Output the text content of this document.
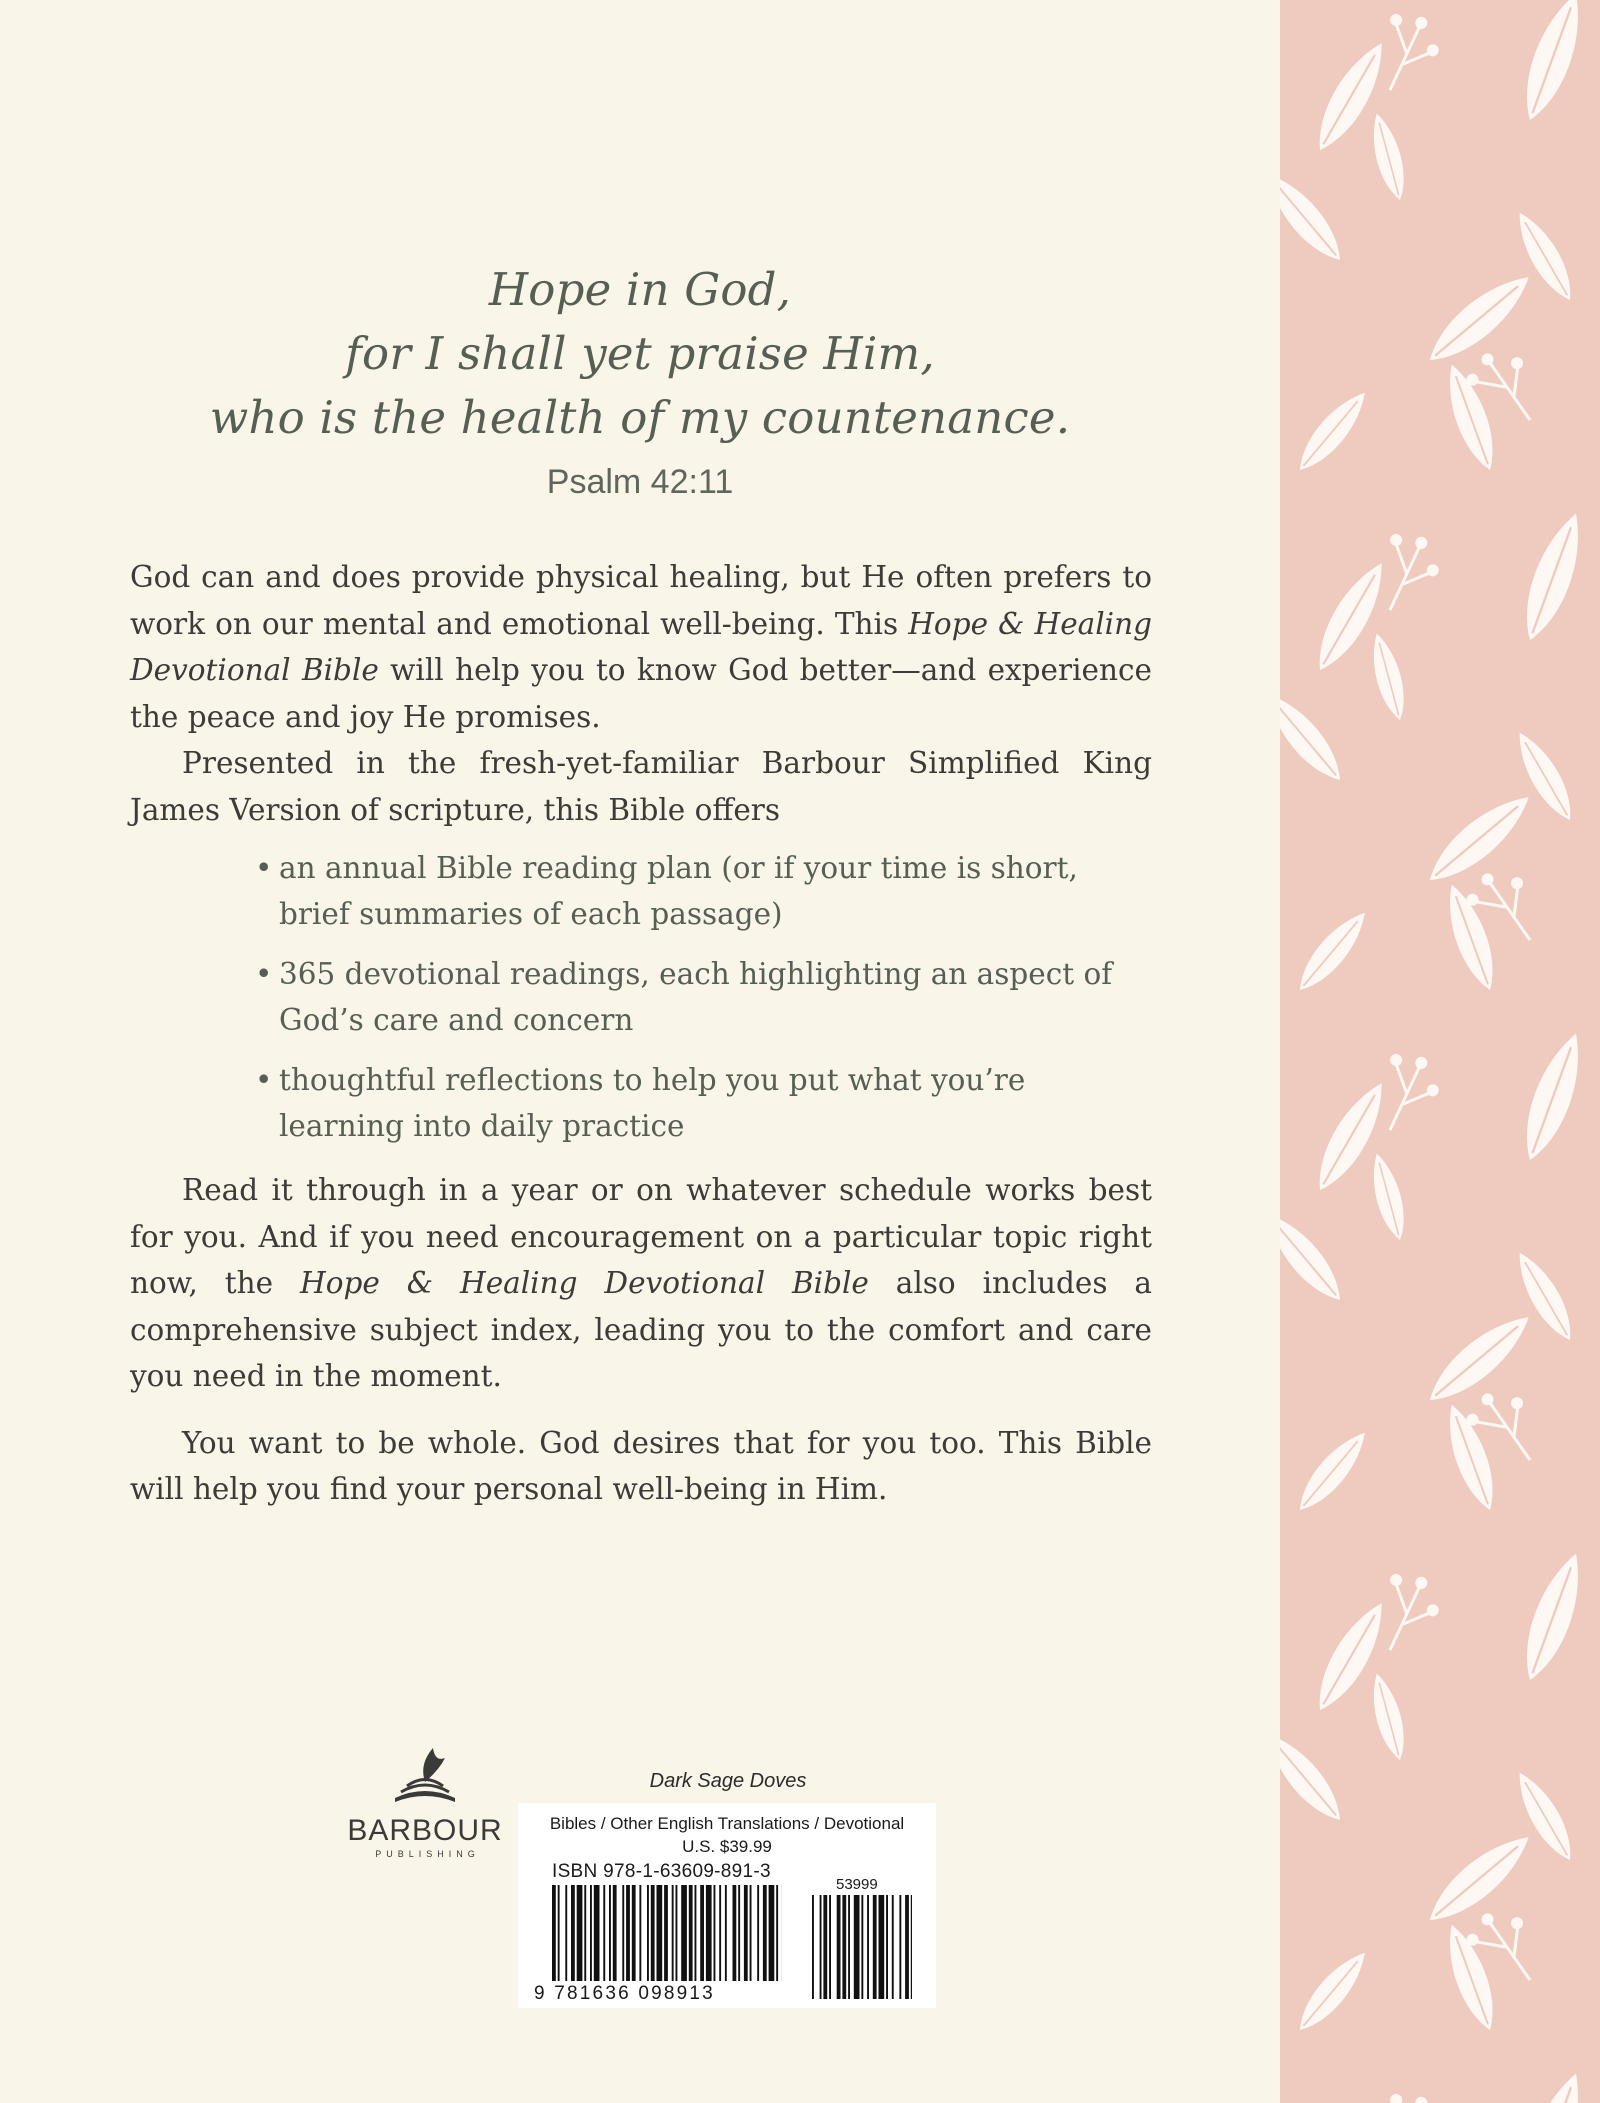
Hope in God,
for I shall yet praise Him,
who is the health of my countenance.
Psalm 42:11

God can and does provide physical healing, but He often prefers to work on our mental and emotional well-being. This Hope & Healing Devotional Bible will help you to know God better—and experience the peace and joy He promises.

Presented in the fresh-yet-familiar Barbour Simplified King James Version of scripture, this Bible offers

• an annual Bible reading plan (or if your time is short, brief summaries of each passage)
• 365 devotional readings, each highlighting an aspect of God’s care and concern
• thoughtful reflections to help you put what you’re learning into daily practice

Read it through in a year or on whatever schedule works best for you. And if you need encouragement on a particular topic right now, the Hope & Healing Devotional Bible also includes a comprehensive subject index, leading you to the comfort and care you need in the moment.

You want to be whole. God desires that for you too. This Bible will help you find your personal well-being in Him.

BARBOUR
PUBLISHING
Dark Sage Doves
Bibles / Other English Translations / Devotional
U.S. $39.99
ISBN 978-1-63609-891-3
53999
9 781636 098913
